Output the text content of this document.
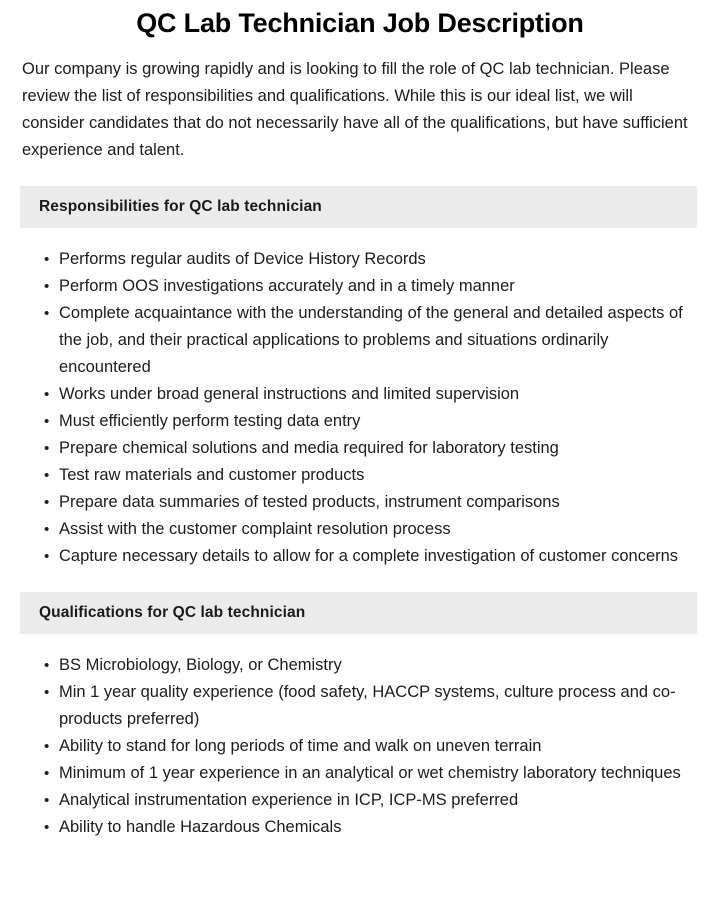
QC Lab Technician Job Description

Our company is growing rapidly and is looking to fill the role of QC lab technician. Please review the list of responsibilities and qualifications. While this is our ideal list, we will consider candidates that do not necessarily have all of the qualifications, but have sufficient experience and talent.

Responsibilities for QC lab technician
• Performs regular audits of Device History Records
• Perform OOS investigations accurately and in a timely manner
• Complete acquaintance with the understanding of the general and detailed aspects of the job, and their practical applications to problems and situations ordinarily encountered
• Works under broad general instructions and limited supervision
• Must efficiently perform testing data entry
• Prepare chemical solutions and media required for laboratory testing
• Test raw materials and customer products
• Prepare data summaries of tested products, instrument comparisons
• Assist with the customer complaint resolution process
• Capture necessary details to allow for a complete investigation of customer concerns
Qualifications for QC lab technician
• BS Microbiology, Biology, or Chemistry
• Min 1 year quality experience (food safety, HACCP systems, culture process and co-products preferred)
• Ability to stand for long periods of time and walk on uneven terrain
• Minimum of 1 year experience in an analytical or wet chemistry laboratory techniques
• Analytical instrumentation experience in ICP, ICP-MS preferred
• Ability to handle Hazardous Chemicals
